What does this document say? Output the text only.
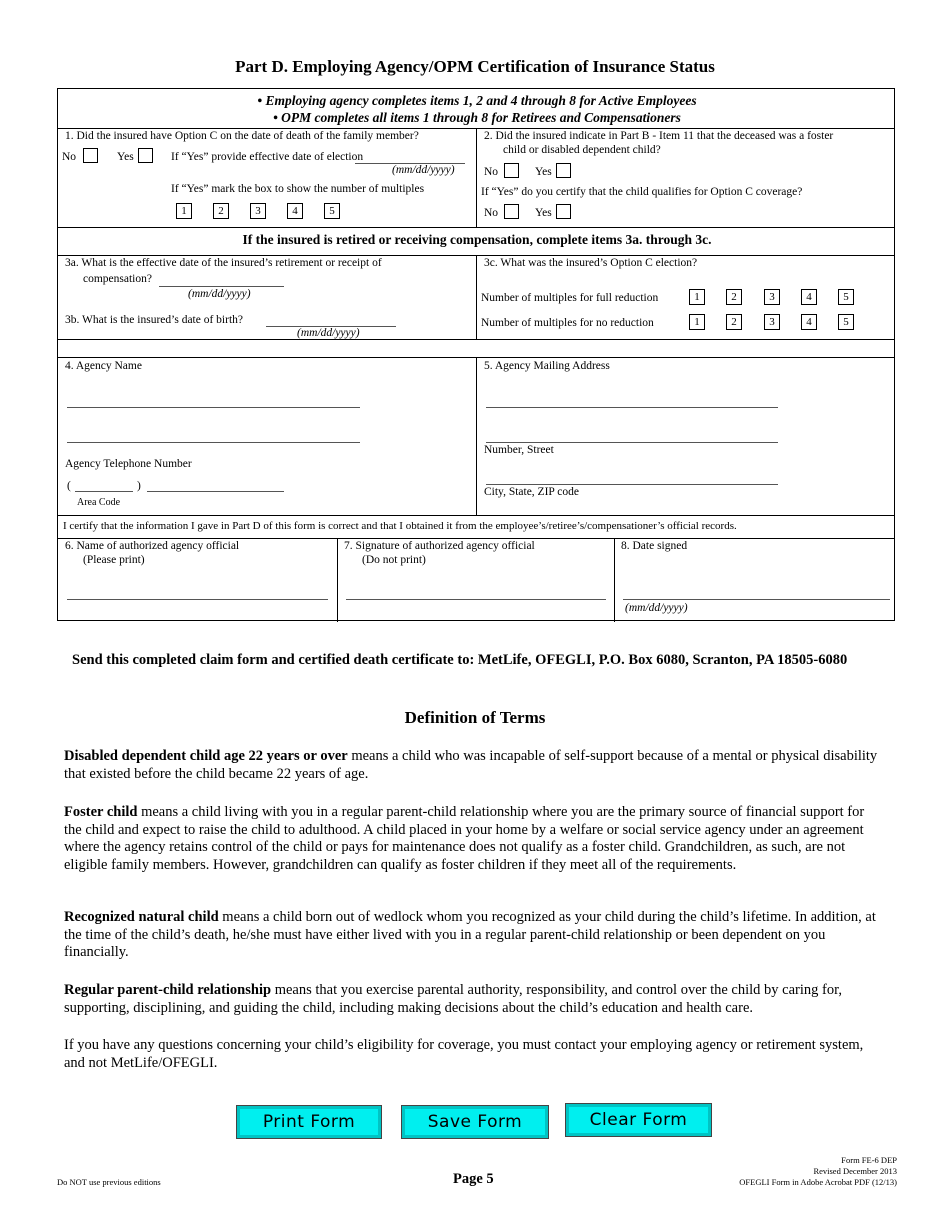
Part D. Employing Agency/OPM Certification of Insurance Status
• Employing agency completes items 1, 2 and 4 through 8 for Active Employees
• OPM completes all items 1 through 8 for Retirees and Compensationers
1. Did the insured have Option C on the date of death of the family member?
No	Yes	If “Yes” provide effective date of election
(mm/dd/yyyy)
If “Yes” mark the box to show the number of multiples
1	2	3	4	5
2. Did the insured indicate in Part B - Item 11 that the deceased was a foster
child or disabled dependent child?
No	Yes
If “Yes” do you certify that the child qualifies for Option C coverage?
No	Yes
If the insured is retired or receiving compensation, complete items 3a. through 3c.
3a. What is the effective date of the insured’s retirement or receipt of
compensation?
(mm/dd/yyyy)
3b. What is the insured’s date of birth?
(mm/dd/yyyy)
3c. What was the insured’s Option C election?
Number of multiples for full reduction	1	2	3	4	5
Number of multiples for no reduction	1	2	3	4	5
4. Agency Name
Agency Telephone Number
(	)
Area Code
5. Agency Mailing Address
Number, Street
City, State, ZIP code
I certify that the information I gave in Part D of this form is correct and that I obtained it from the employee’s/retiree’s/compensationer’s official records.
6. Name of authorized agency official
(Please print)
7. Signature of authorized agency official
(Do not print)
8. Date signed
(mm/dd/yyyy)
Send this completed claim form and certified death certificate to: MetLife, OFEGLI, P.O. Box 6080, Scranton, PA 18505-6080
Definition of Terms

Disabled dependent child age 22 years or over means a child who was incapable of self-support because of a mental or physical disability that existed before the child became 22 years of age.

Foster child means a child living with you in a regular parent-child relationship where you are the primary source of financial support for the child and expect to raise the child to adulthood. A child placed in your home by a welfare or social service agency under an agreement where the agency retains control of the child or pays for maintenance does not qualify as a foster child. Grandchildren, as such, are not eligible family members. However, grandchildren can qualify as foster children if they meet all of the requirements.

Recognized natural child means a child born out of wedlock whom you recognized as your child during the child’s lifetime. In addition, at the time of the child’s death, he/she must have either lived with you in a regular parent-child relationship or been dependent on you financially.

Regular parent-child relationship means that you exercise parental authority, responsibility, and control over the child by caring for, supporting, disciplining, and guiding the child, including making decisions about the child’s education and health care.

If you have any questions concerning your child’s eligibility for coverage, you must contact your employing agency or retirement system, and not MetLife/OFEGLI.

Print Form	Save Form	Clear Form
Do NOT use previous editions	Page 5
Form FE-6 DEP
Revised December 2013
OFEGLI Form in Adobe Acrobat PDF (12/13)
